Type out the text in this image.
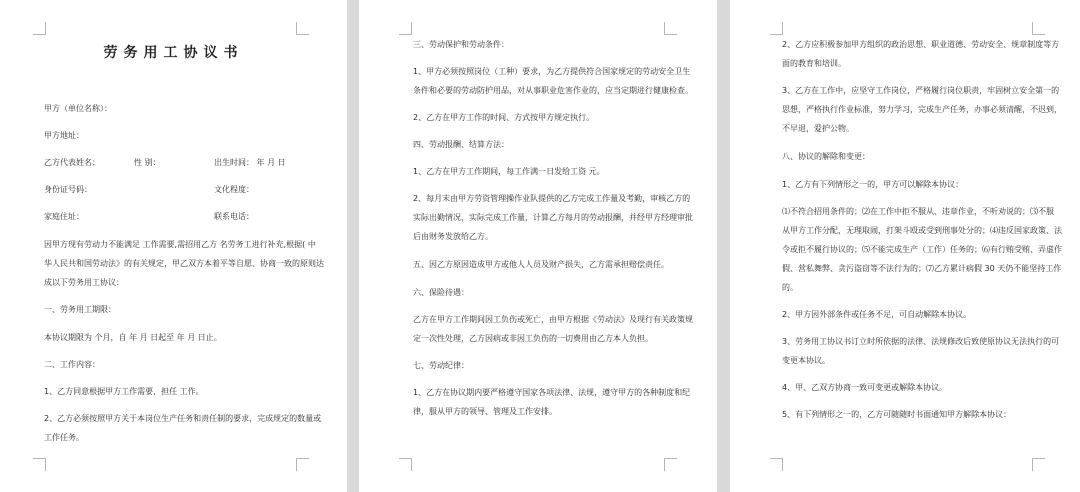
劳务用工协议书
甲方（单位名称）：
甲方地址：
乙方代表姓名：	性 别：	出生时间： 年 月 日
身份证号码：	文化程度：
家庭住址：	联系电话：
因甲方现有劳动力不能满足 工作需要,需招用乙方 名劳务工进行补充,根据( 中
华人民共和国劳动法》的有关规定，甲乙双方本着平等自愿、协商一致的原则达
成以下劳务用工协议：
一、劳务用工期限：
本协议期限为 个月，自 年 月 日起至 年 月 日止。
二、工作内容：
1、乙方同意根据甲方工作需要，担任 工作。
2、乙方必须按照甲方关于本岗位生产任务和责任制的要求，完成规定的数量或
工作任务。
三、劳动保护和劳动条件：
1、甲方必须按照岗位（工种）要求，为乙方提供符合国家规定的劳动安全卫生
条件和必要的劳动防护用品，对从事职业危害作业的，应当定期进行健康检查。
2、乙方在甲方工作的时间、方式按甲方规定执行。
四、劳动报酬、结算方法：
1、乙方在甲方工作期间，每工作满一日发给工资 元。
2、每月末由甲方劳资管理操作业队提供的乙方完成工作量及考勤，审核乙方的
实际出勤情况，实际完成工作量，计算乙方每月的劳动报酬，并经甲方经理审批
后由财务发放给乙方。
五、因乙方原因造成甲方或他人人员及财产损失，乙方需承担赔偿责任。
六、保险待遇：
乙方在甲方工作期间因工负伤或死亡，由甲方根据《劳动法》及现行有关政策规
定一次性处理，乙方因病或非因工负伤的一切费用由乙方本人负担。
七、劳动纪律：
1、乙方在协议期内要严格遵守国家各项法律、法规，遵守甲方的各种制度和纪
律，服从甲方的领导、管理及工作安排。
2、乙方应积极参加甲方组织的政治思想、职业道德、劳动安全、规章制度等方
面的教育和培训。
3、乙方在工作中，应坚守工作岗位，严格履行岗位职责，牢固树立安全第一的
思想，严格执行作业标准，努力学习，完成生产任务，办事必须清醒，不迟到，
不早退，爱护公物。
八、协议的解除和变更：
1、乙方有下列情形之一的，甲方可以解除本协议：
⑴不符合招用条件的；⑵在工作中拒不服从、违章作业，不听劝说的；⑶不服
从甲方工作分配，无理取闹，打架斗殴或受到刑事处分的；⑷违反国家政策、法
令或拒不履行协议的；⑸不能完成生产（工作）任务的；⑹有行贿受贿、弄虚作
假、营私舞弊、贪污盗窃等不法行为的；⑺乙方累计病假 30 天仍不能坚持工作
的。
2、甲方因外部条件或任务不足，可自动解除本协议。
3、劳务用工协议书订立时所依据的法律、法规修改后致使原协议无法执行的可
变更本协议。
4、甲、乙双方协商一致可变更或解除本协议。
5、有下列情形之一的，乙方可随随时书面通知甲方解除本协议：
